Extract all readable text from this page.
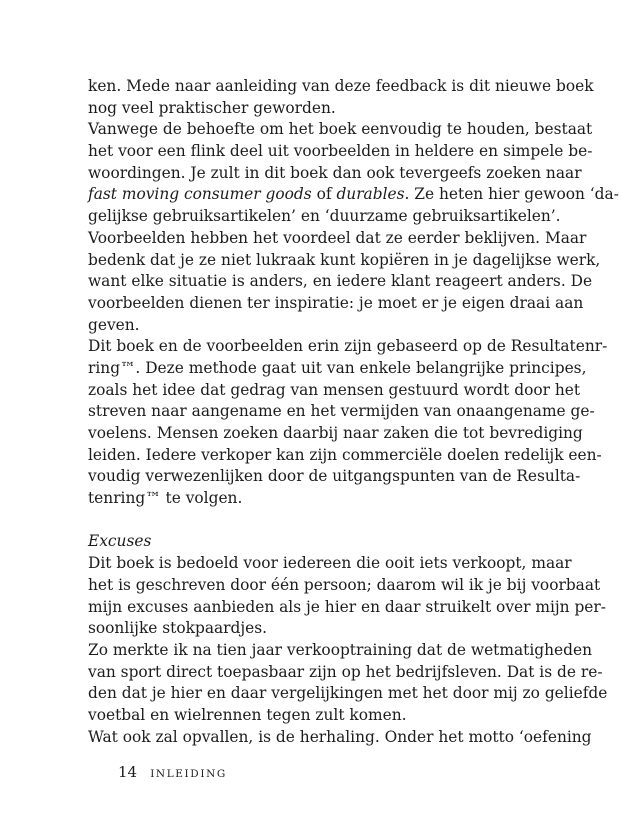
ken. Mede naar aanleiding van deze feedback is dit nieuwe boek
nog veel praktischer geworden.
Vanwege de behoefte om het boek eenvoudig te houden, bestaat
het voor een flink deel uit voorbeelden in heldere en simpele be-
woordingen. Je zult in dit boek dan ook tevergeefs zoeken naar
fast moving consumer goods of durables. Ze heten hier gewoon ‘da-
gelijkse gebruiksartikelen’ en ‘duurzame gebruiksartikelen’.
Voorbeelden hebben het voordeel dat ze eerder beklijven. Maar
bedenk dat je ze niet lukraak kunt kopiëren in je dagelijkse werk,
want elke situatie is anders, en iedere klant reageert anders. De
voorbeelden dienen ter inspiratie: je moet er je eigen draai aan
geven.
Dit boek en de voorbeelden erin zijn gebaseerd op de Resultatenr-
ring™. Deze methode gaat uit van enkele belangrijke principes,
zoals het idee dat gedrag van mensen gestuurd wordt door het
streven naar aangename en het vermijden van onaangename ge-
voelens. Mensen zoeken daarbij naar zaken die tot bevrediging
leiden. Iedere verkoper kan zijn commerciële doelen redelijk een-
voudig verwezenlijken door de uitgangspunten van de Resulta-
tenring™ te volgen.
Excuses
Dit boek is bedoeld voor iedereen die ooit iets verkoopt, maar
het is geschreven door één persoon; daarom wil ik je bij voorbaat
mijn excuses aanbieden als je hier en daar struikelt over mijn per-
soonlijke stokpaardjes.
Zo merkte ik na tien jaar verkooptraining dat de wetmatigheden
van sport direct toepasbaar zijn op het bedrijfsleven. Dat is de re-
den dat je hier en daar vergelijkingen met het door mij zo geliefde
voetbal en wielrennen tegen zult komen.
Wat ook zal opvallen, is de herhaling. Onder het motto ‘oefening
14 INLEIDING
